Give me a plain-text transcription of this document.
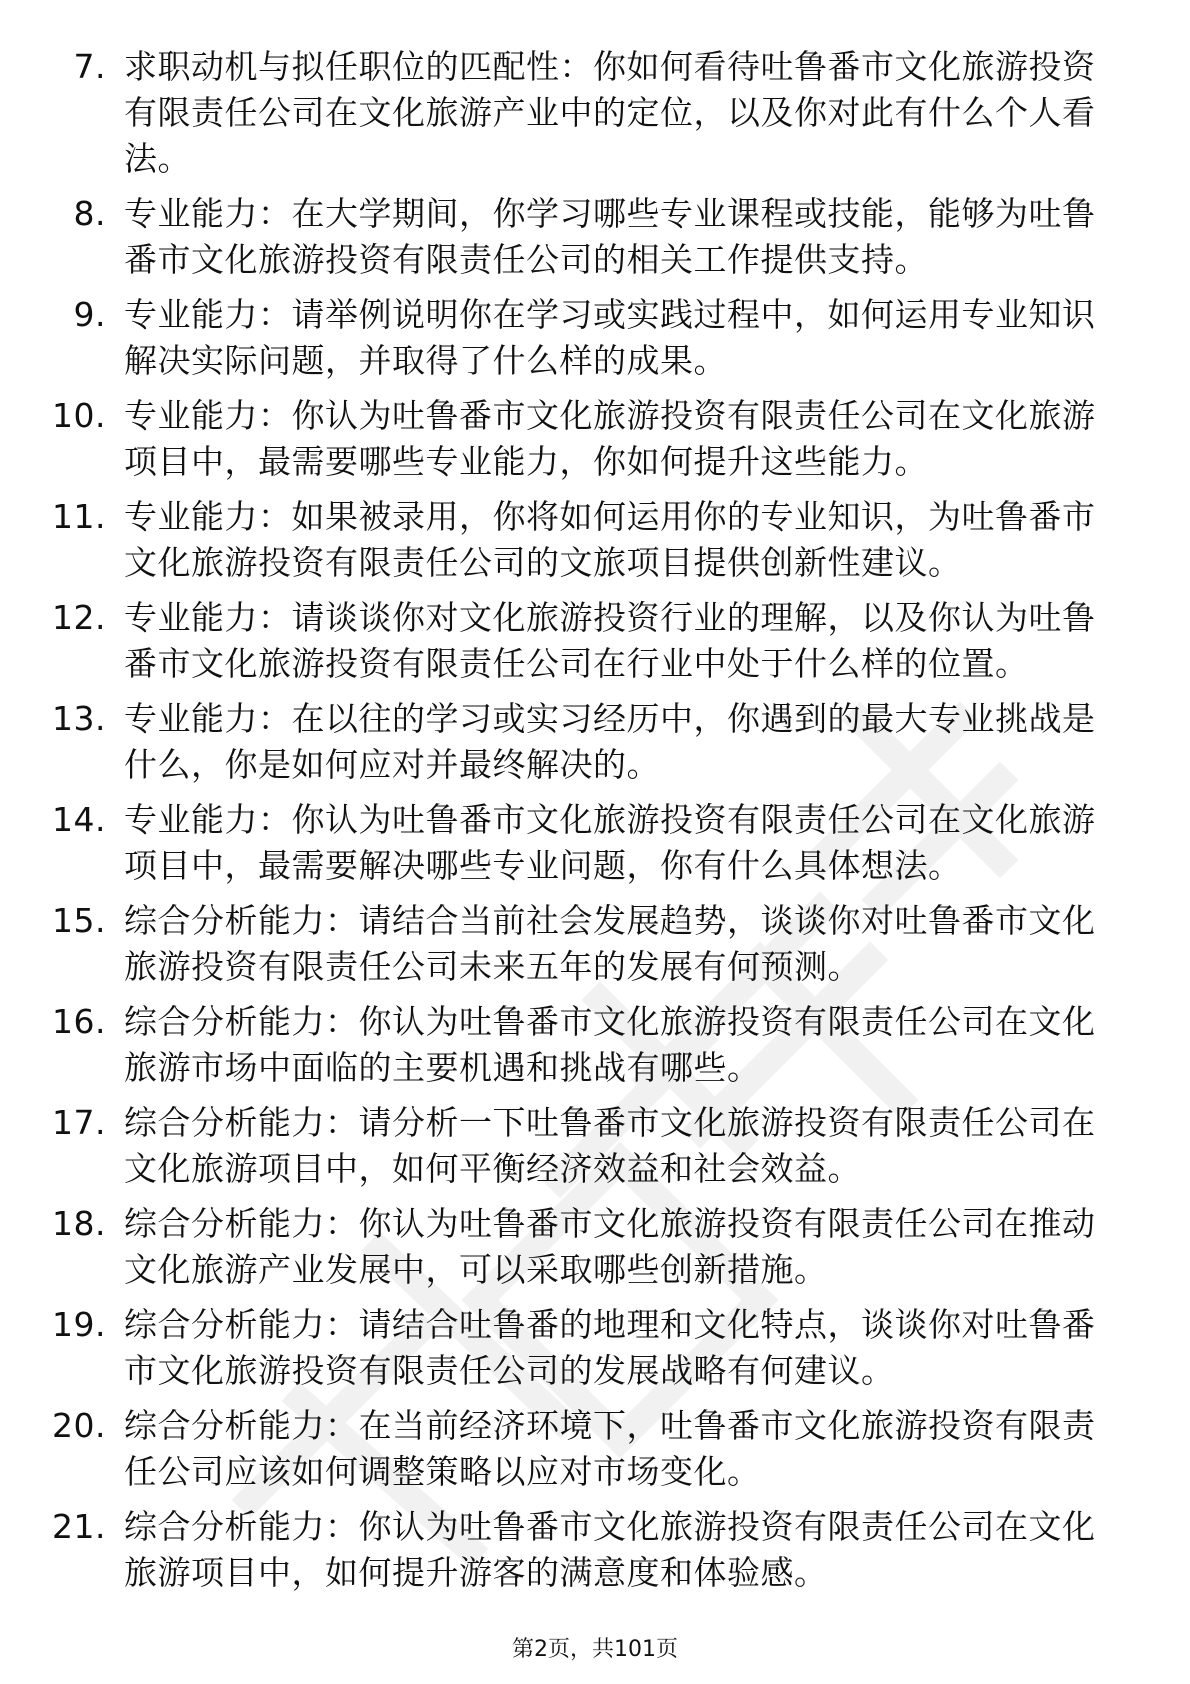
7. 求职动机与拟任职位的匹配性：你如何看待吐鲁番市文化旅游投资有限责任公司在文化旅游产业中的定位，以及你对此有什么个人看法。
8. 专业能力：在大学期间，你学习哪些专业课程或技能，能够为吐鲁番市文化旅游投资有限责任公司的相关工作提供支持。
9. 专业能力：请举例说明你在学习或实践过程中，如何运用专业知识解决实际问题，并取得了什么样的成果。
10. 专业能力：你认为吐鲁番市文化旅游投资有限责任公司在文化旅游项目中，最需要哪些专业能力，你如何提升这些能力。
11. 专业能力：如果被录用，你将如何运用你的专业知识，为吐鲁番市文化旅游投资有限责任公司的文旅项目提供创新性建议。
12. 专业能力：请谈谈你对文化旅游投资行业的理解，以及你认为吐鲁番市文化旅游投资有限责任公司在行业中处于什么样的位置。
13. 专业能力：在以往的学习或实习经历中，你遇到的最大专业挑战是什么，你是如何应对并最终解决的。
14. 专业能力：你认为吐鲁番市文化旅游投资有限责任公司在文化旅游项目中，最需要解决哪些专业问题，你有什么具体想法。
15. 综合分析能力：请结合当前社会发展趋势，谈谈你对吐鲁番市文化旅游投资有限责任公司未来五年的发展有何预测。
16. 综合分析能力：你认为吐鲁番市文化旅游投资有限责任公司在文化旅游市场中面临的主要机遇和挑战有哪些。
17. 综合分析能力：请分析一下吐鲁番市文化旅游投资有限责任公司在文化旅游项目中，如何平衡经济效益和社会效益。
18. 综合分析能力：你认为吐鲁番市文化旅游投资有限责任公司在推动文化旅游产业发展中，可以采取哪些创新措施。
19. 综合分析能力：请结合吐鲁番的地理和文化特点，谈谈你对吐鲁番市文化旅游投资有限责任公司的发展战略有何建议。
20. 综合分析能力：在当前经济环境下，吐鲁番市文化旅游投资有限责任公司应该如何调整策略以应对市场变化。
21. 综合分析能力：你认为吐鲁番市文化旅游投资有限责任公司在文化旅游项目中，如何提升游客的满意度和体验感。
第2页，共101页
